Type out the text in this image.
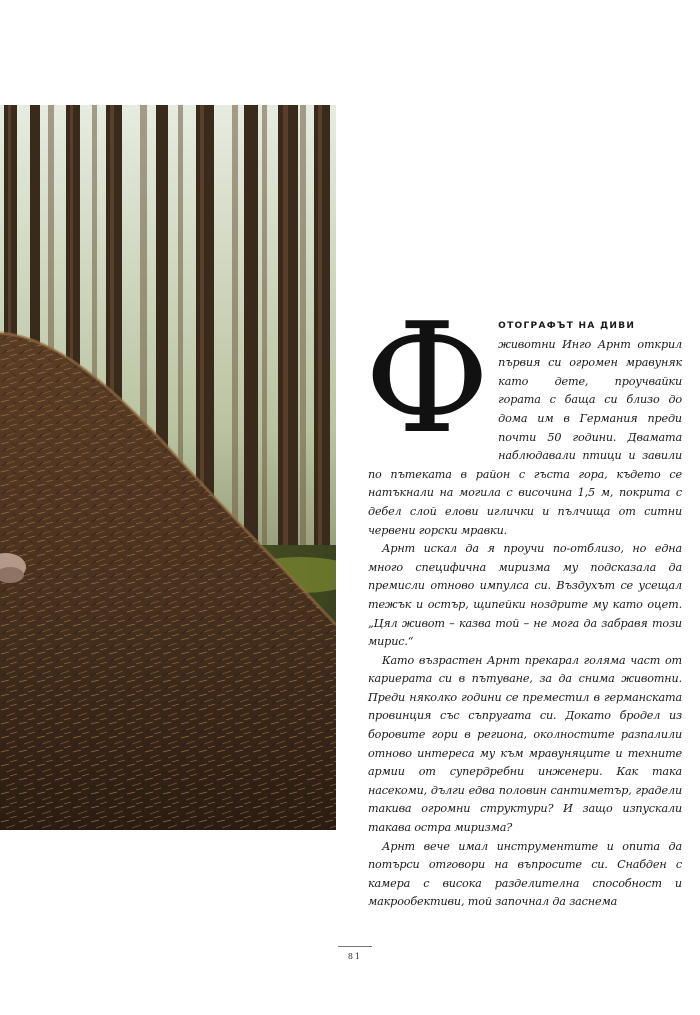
Ф ОТОГРАФЪТ НА ДИВИ
животни Инго Арнт открил първия си огромен мравуняк като дете, проучвайки гората с баща си близо до дома им в Германия преди почти 50 години. Двамата наблюдавали птици и завили по пътеката в район с гъста гора, където се натъкнали на могила с височина 1,5 м, покрита с дебел слой елови иглички и пълчища от ситни червени горски мравки.

Арнт искал да я проучи по-отблизо, но една много специфична миризма му подсказала да премисли отново импулса си. Въздухът се усещал тежък и остър, щипейки ноздрите му като оцет. „Цял живот – казва той – не мога да забравя този мирис.“

Като възрастен Арнт прекарал голяма част от кариерата си в пътуване, за да снима животни. Преди няколко години се преместил в германската провинция със съпругата си. Докато бродел из боровите гори в региона, околностите разпалили отново интереса му към мравуняците и техните армии от супердребни инженери. Как така насекоми, дълги едва половин сантиметър, градели такива огромни структури? И защо изпускали такава остра миризма?

Арнт вече имал инструментите и опита да потърси отговори на въпросите си. Снабден с камера с висока разделителна способност и макрообективи, той започнал да заснема

81
